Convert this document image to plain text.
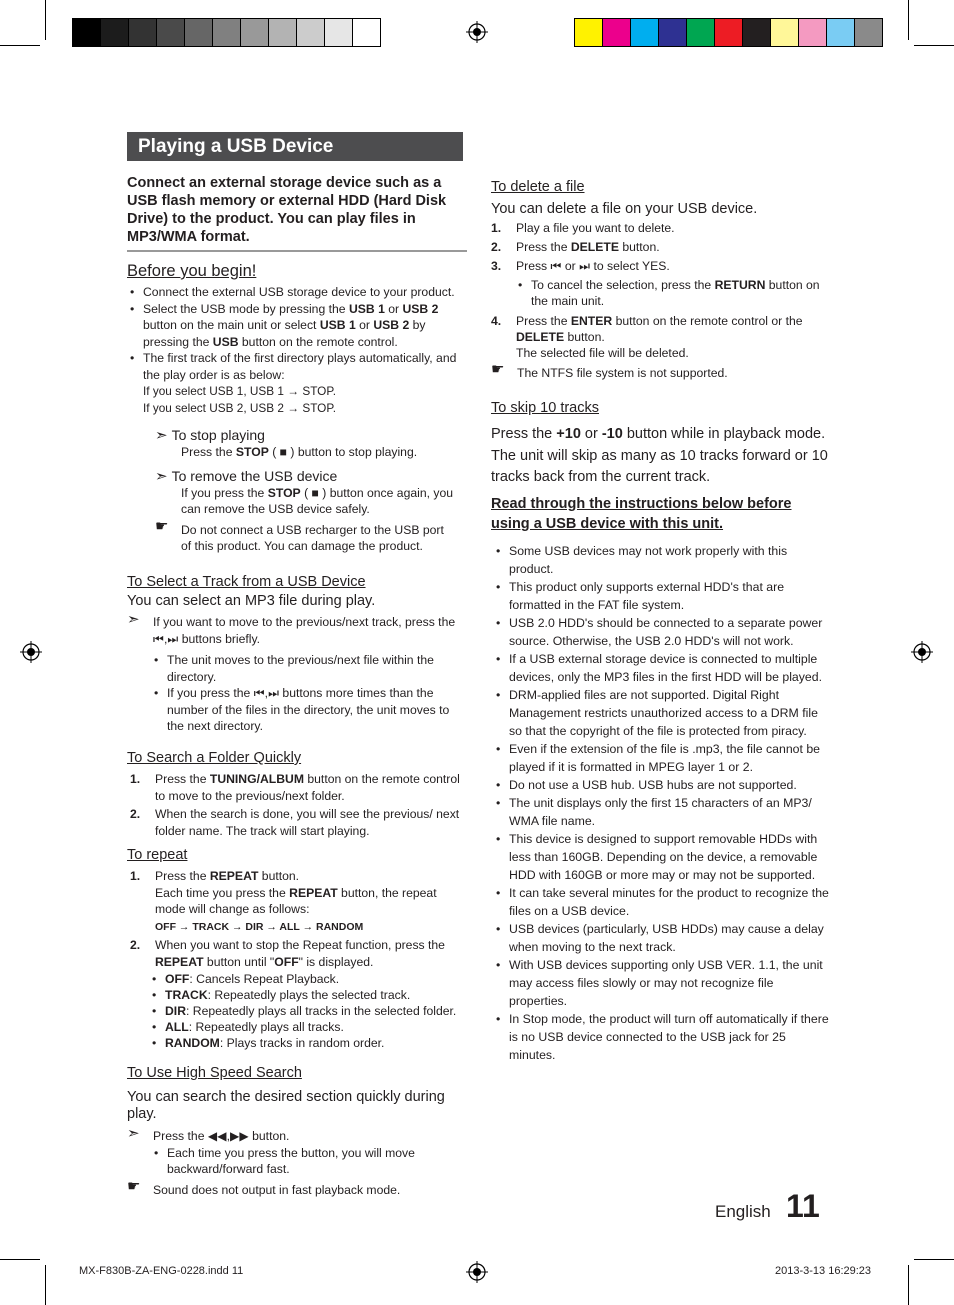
Playing a USB Device
Connect an external storage device such as a USB flash memory or external HDD (Hard Disk Drive) to the product. You can play files in MP3/WMA format.
Before you begin!
• Connect the external USB storage device to your product.
• Select the USB mode by pressing the USB 1 or USB 2 button on the main unit or select USB 1 or USB 2 by pressing the USB button on the remote control.
• The first track of the first directory plays automatically, and the play order is as below:
If you select USB 1, USB 1 → STOP.
If you select USB 2, USB 2 → STOP.
➣ To stop playing
Press the STOP ( ■ ) button to stop playing.
➣ To remove the USB device
If you press the STOP ( ■ ) button once again, you can remove the USB device safely.
☛ Do not connect a USB recharger to the USB port of this product. You can damage the product.
To Select a Track from a USB Device
You can select an MP3 file during play.
➣ If you want to move to the previous/next track, press the ⏮,⏭ buttons briefly.
• The unit moves to the previous/next file within the directory.
• If you press the ⏮,⏭ buttons more times than the number of the files in the directory, the unit moves to the next directory.
To Search a Folder Quickly
1. Press the TUNING/ALBUM button on the remote control to move to the previous/next folder.
2. When the search is done, you will see the previous/ next folder name. The track will start playing.
To repeat
1. Press the REPEAT button.
Each time you press the REPEAT button, the repeat mode will change as follows:
OFF → TRACK → DIR → ALL → RANDOM
2. When you want to stop the Repeat function, press the REPEAT button until "OFF" is displayed.
• OFF: Cancels Repeat Playback.
• TRACK: Repeatedly plays the selected track.
• DIR: Repeatedly plays all tracks in the selected folder.
• ALL: Repeatedly plays all tracks.
• RANDOM: Plays tracks in random order.
To Use High Speed Search
You can search the desired section quickly during play.
➣ Press the ◀◀,▶▶ button.
• Each time you press the button, you will move backward/forward fast.
☛ Sound does not output in fast playback mode.
To delete a file
You can delete a file on your USB device.
1. Play a file you want to delete.
2. Press the DELETE button.
3. Press ⏮ or ⏭ to select YES.
• To cancel the selection, press the RETURN button on the main unit.
4. Press the ENTER button on the remote control or the DELETE button.
The selected file will be deleted.
☛ The NTFS file system is not supported.
To skip 10 tracks
Press the +10 or -10 button while in playback mode. The unit will skip as many as 10 tracks forward or 10 tracks back from the current track.
Read through the instructions below before using a USB device with this unit.
• Some USB devices may not work properly with this product.
• This product only supports external HDD's that are formatted in the FAT file system.
• USB 2.0 HDD's should be connected to a separate power source. Otherwise, the USB 2.0 HDD's will not work.
• If a USB external storage device is connected to multiple devices, only the MP3 files in the first HDD will be played.
• DRM-applied files are not supported. Digital Right Management restricts unauthorized access to a DRM file so that the copyright of the file is protected from piracy.
• Even if the extension of the file is .mp3, the file cannot be played if it is formatted in MPEG layer 1 or 2.
• Do not use a USB hub. USB hubs are not supported.
• The unit displays only the first 15 characters of an MP3/ WMA file name.
• This device is designed to support removable HDDs with less than 160GB. Depending on the device, a removable HDD with 160GB or more may or may not be supported.
• It can take several minutes for the product to recognize the files on a USB device.
• USB devices (particularly, USB HDDs) may cause a delay when moving to the next track.
• With USB devices supporting only USB VER. 1.1, the unit may access files slowly or may not recognize file properties.
• In Stop mode, the product will turn off automatically if there is no USB device connected to the USB jack for 25 minutes.
English 11
MX-F830B-ZA-ENG-0228.indd 11	2013-3-13 16:29:23
